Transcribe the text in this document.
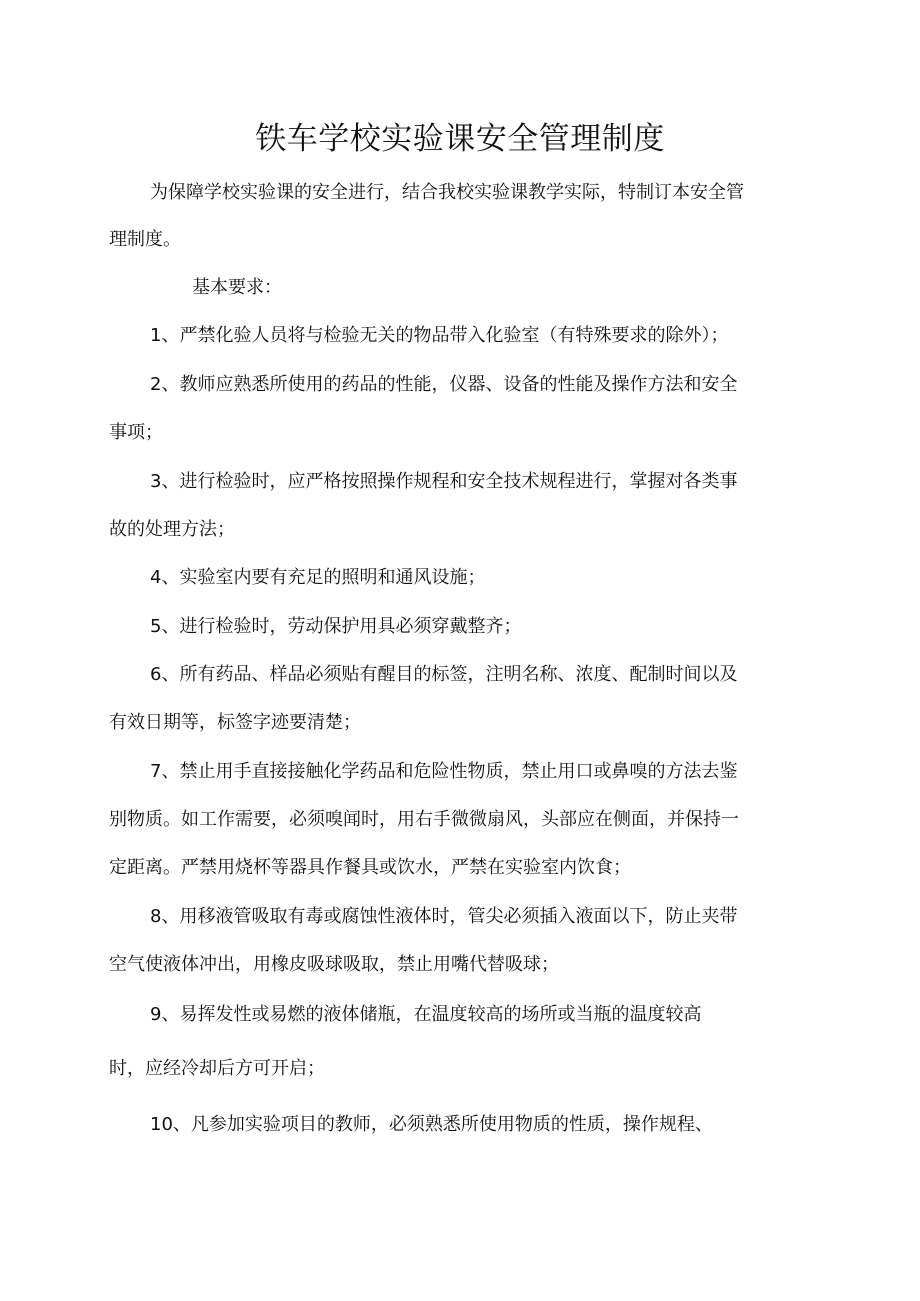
铁车学校实验课安全管理制度
为保障学校实验课的安全进行，结合我校实验课教学实际，特制订本安全管
理制度。
基本要求：
1、严禁化验人员将与检验无关的物品带入化验室（有特殊要求的除外）；
2、教师应熟悉所使用的药品的性能，仪器、设备的性能及操作方法和安全
事项；
3、进行检验时，应严格按照操作规程和安全技术规程进行，掌握对各类事
故的处理方法；
4、实验室内要有充足的照明和通风设施；
5、进行检验时，劳动保护用具必须穿戴整齐；
6、所有药品、样品必须贴有醒目的标签，注明名称、浓度、配制时间以及
有效日期等，标签字迹要清楚；
7、禁止用手直接接触化学药品和危险性物质，禁止用口或鼻嗅的方法去鉴
别物质。如工作需要，必须嗅闻时，用右手微微扇风，头部应在侧面，并保持一
定距离。严禁用烧杯等器具作餐具或饮水，严禁在实验室内饮食；
8、用移液管吸取有毒或腐蚀性液体时，管尖必须插入液面以下，防止夹带
空气使液体冲出，用橡皮吸球吸取，禁止用嘴代替吸球；
9、易挥发性或易燃的液体储瓶，在温度较高的场所或当瓶的温度较高
时，应经冷却后方可开启；
10、凡参加实验项目的教师，必须熟悉所使用物质的性质，操作规程、
